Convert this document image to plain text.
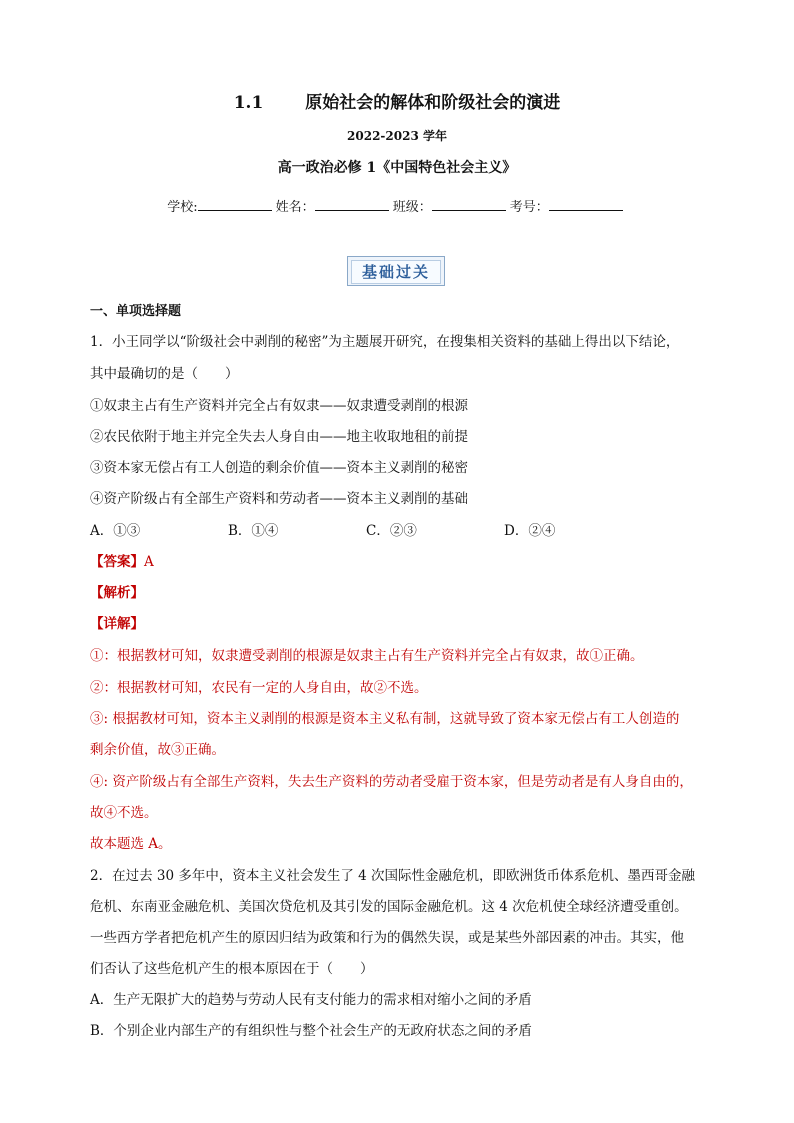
1.1 原始社会的解体和阶级社会的演进
2022-2023 学年
高一政治必修 1《中国特色社会主义》
学校:	姓名：	班级：	考号：
基础过关
一、单项选择题
1．小王同学以“阶级社会中剥削的秘密”为主题展开研究，在搜集相关资料的基础上得出以下结论，
其中最确切的是（　　）
①奴隶主占有生产资料并完全占有奴隶——奴隶遭受剥削的根源
②农民依附于地主并完全失去人身自由——地主收取地租的前提
③资本家无偿占有工人创造的剩余价值——资本主义剥削的秘密
④资产阶级占有全部生产资料和劳动者——资本主义剥削的基础
A．①③	B．①④	C．②③	D．②④
【答案】A
【解析】
【详解】
①：根据教材可知，奴隶遭受剥削的根源是奴隶主占有生产资料并完全占有奴隶，故①正确。
②：根据教材可知，农民有一定的人身自由，故②不选。
③: 根据教材可知，资本主义剥削的根源是资本主义私有制，这就导致了资本家无偿占有工人创造的
剩余价值，故③正确。
④: 资产阶级占有全部生产资料，失去生产资料的劳动者受雇于资本家，但是劳动者是有人身自由的，
故④不选。
故本题选 A。
2．在过去 30 多年中，资本主义社会发生了 4 次国际性金融危机，即欧洲货币体系危机、墨西哥金融
危机、东南亚金融危机、美国次贷危机及其引发的国际金融危机。这 4 次危机使全球经济遭受重创。
一些西方学者把危机产生的原因归结为政策和行为的偶然失误，或是某些外部因素的冲击。其实，他
们否认了这些危机产生的根本原因在于（　　）
A．生产无限扩大的趋势与劳动人民有支付能力的需求相对缩小之间的矛盾
B．个别企业内部生产的有组织性与整个社会生产的无政府状态之间的矛盾
